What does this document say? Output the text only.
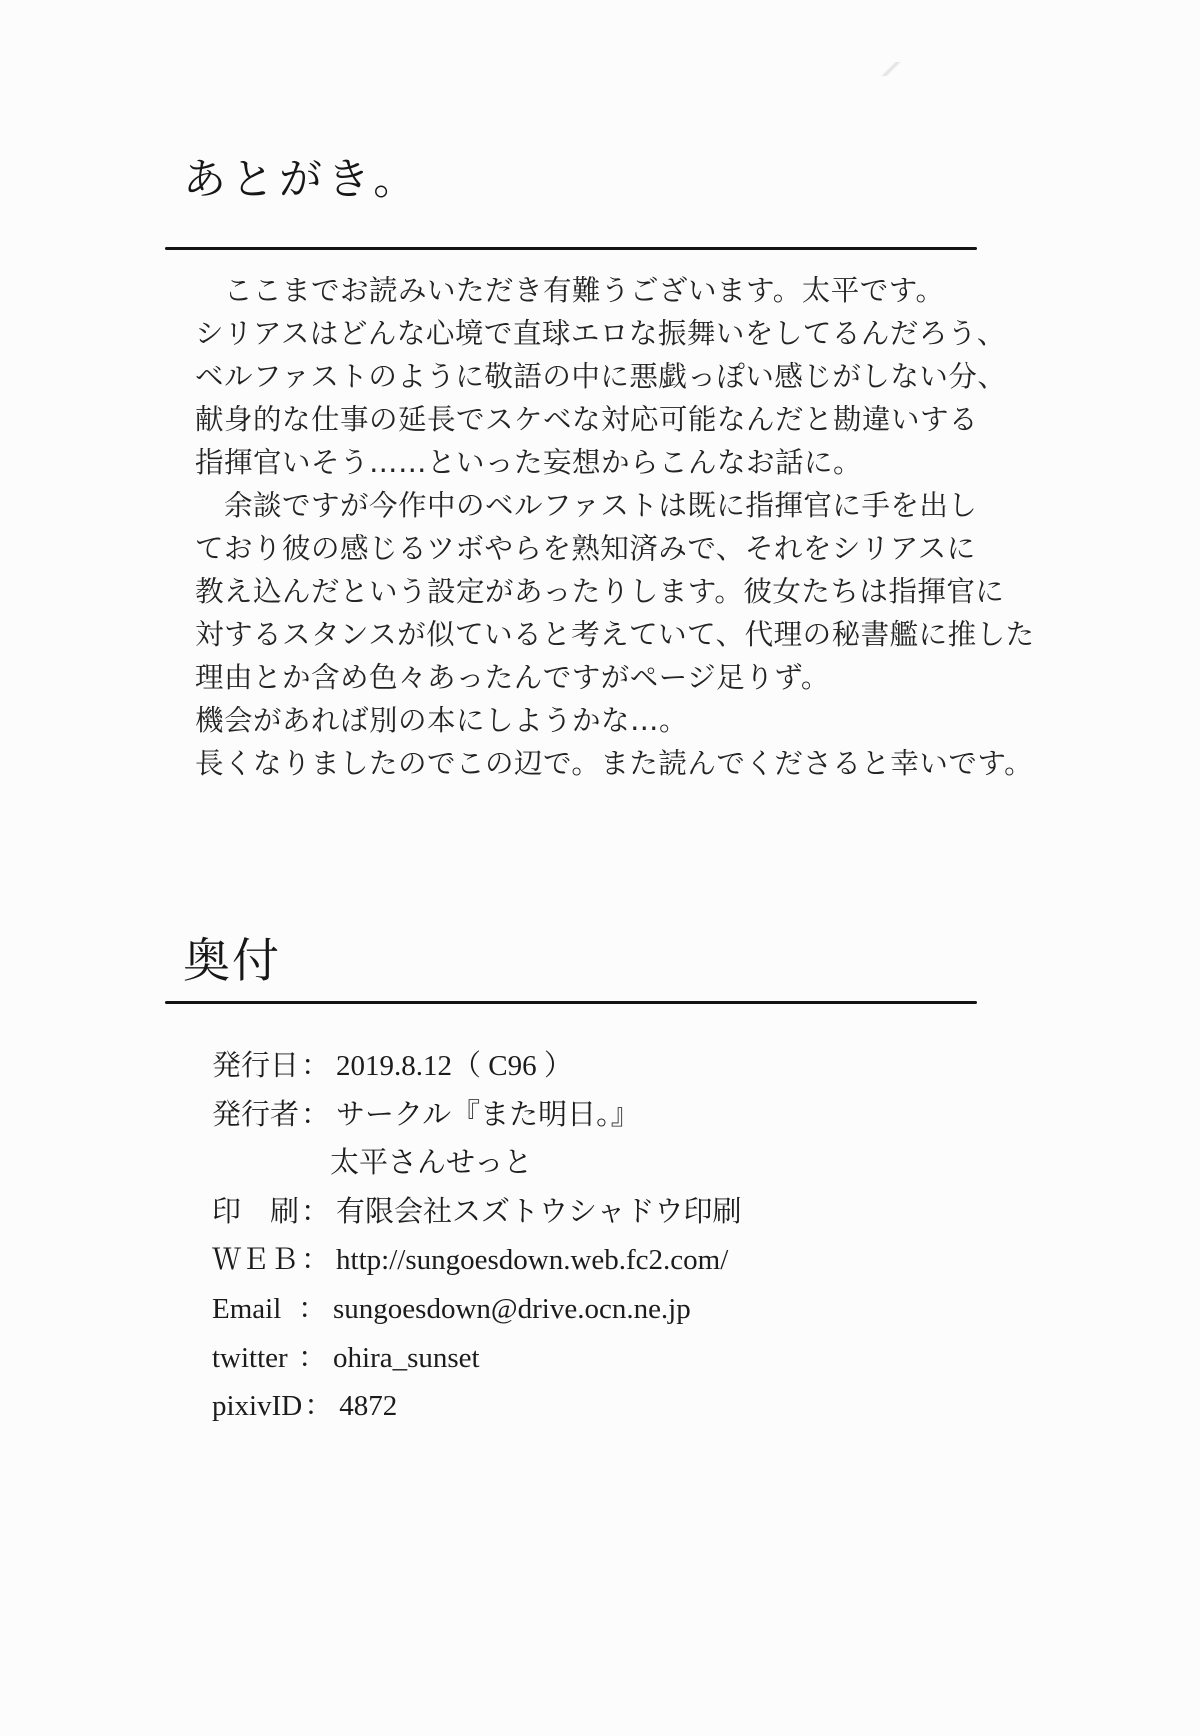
あとがき。
　ここまでお読みいただき有難うございます。太平です。
シリアスはどんな心境で直球エロな振舞いをしてるんだろう、
ベルファストのように敬語の中に悪戯っぽい感じがしない分、
献身的な仕事の延長でスケベな対応可能なんだと勘違いする
指揮官いそう……といった妄想からこんなお話に。
　余談ですが今作中のベルファストは既に指揮官に手を出し
ており彼の感じるツボやらを熟知済みで、それをシリアスに
教え込んだという設定があったりします。彼女たちは指揮官に
対するスタンスが似ていると考えていて、代理の秘書艦に推した
理由とか含め色々あったんですがページ足りず。
機会があれば別の本にしようかな…。
長くなりましたのでこの辺で。また読んでくださると幸いです。
奥付
発行日： 2019.8.12（ C96 ）
発行者： サークル『また明日。』
太平さんせっと
印　刷： 有限会社スズトウシャドウ印刷
ＷＥＢ： http://sungoesdown.web.fc2.com/
Email ： sungoesdown@drive.ocn.ne.jp
twitter ： ohira_sunset
pixivID： 4872
